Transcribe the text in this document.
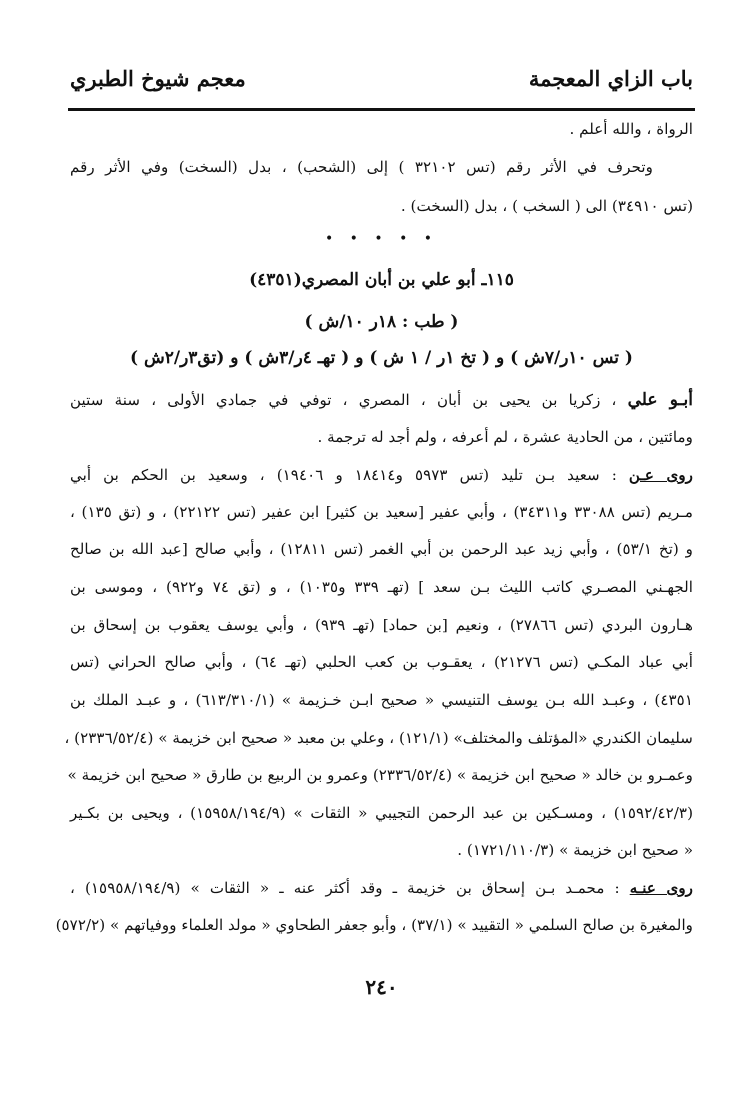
باب الزاي المعجمة
معجم شيوخ الطبري
الرواة ، والله أعلم .
وتحرف في الأثر رقم (تس ٣٢١٠٢ ) إلى (الشحب) ، بدل (السخت) وفي الأثر رقم
(تس ٣٤٩١٠) الى ( السخب ) ، بدل (السخت) .
• • • • •
١١٥ـ أبو علي بن أبان المصري(٤٣٥١)
( طب : ١٨ر ١٠/ش )
( تس ١٠ر/٧ش ) و ( تخ ١ر / ١ ش ) و ( تهـ ٤ر/٣ش ) و (تق٣ر/٢ش )
أبـو علي ، زكريا بن يحيى بن أبان ، المصري ، توفي في جمادي الأولى ، سنة ستين
ومائتين ، من الحادية عشرة ، لم أعرفه ، ولم أجد له ترجمة .
روى عـن : سعيد بـن تليد (تس ٥٩٧٣ و١٨٤١٤ و ١٩٤٠٦) ، وسعيد بن الحكم بن أبي
مـريم (تس ٣٣٠٨٨ و٣٤٣١١) ، وأبي عفير [سعيد بن كثير] ابن عفير (تس ٢٢١٢٢) ، و (تق ١٣٥) ،
و (تخ ٥٣/١) ، وأبي زيد عبد الرحمن بن أبي الغمر (تس ١٢٨١١) ، وأبي صالح [عبد الله بن صالح
الجهـني المصـري كاتب الليث بـن سعد ] (تهـ ٣٣٩ و١٠٣٥) ، و (تق ٧٤ و٩٢٢) ، وموسى بن
هـارون البردي (تس ٢٧٨٦٦) ، ونعيم [بن حماد] (تهـ ٩٣٩) ، وأبي يوسف يعقوب بن إسحاق بن
أبي عباد المكـي (تس ٢١٢٧٦) ، يعقـوب بن كعب الحلبي (تهـ ٦٤) ، وأبي صالح الحراني (تس
٤٣٥١) ، وعبـد الله بـن يوسف التنيسي « صحيح ابـن خـزيمة » (٦١٣/٣١٠/١) ، و عبـد الملك بن
سليمان الكندري «المؤتلف والمختلف» (١٢١/١) ، وعلي بن معبد « صحيح ابن خزيمة » (٢٣٣٦/٥٢/٤) ،
وعمـرو بن خالد « صحيح ابن خزيمة » (٢٣٣٦/٥٢/٤) وعمرو بن الربيع بن طارق « صحيح ابن خزيمة »
(١٥٩٢/٤٢/٣) ، ومسـكين بن عبد الرحمن التجيبي « الثقات » (١٥٩٥٨/١٩٤/٩) ، ويحيى بن بكـير
« صحيح ابن خزيمة » (١٧٢١/١١٠/٣) .
روى عنـه : محمـد بـن إسحاق بن خزيمة ـ وقد أكثر عنه ـ « الثقات » (١٥٩٥٨/١٩٤/٩) ،
والمغيرة بن صالح السلمي « التقييد » (٣٧/١) ، وأبو جعفر الطحاوي « مولد العلماء ووفياتهم » (٥٧٢/٢)
٢٤٠
